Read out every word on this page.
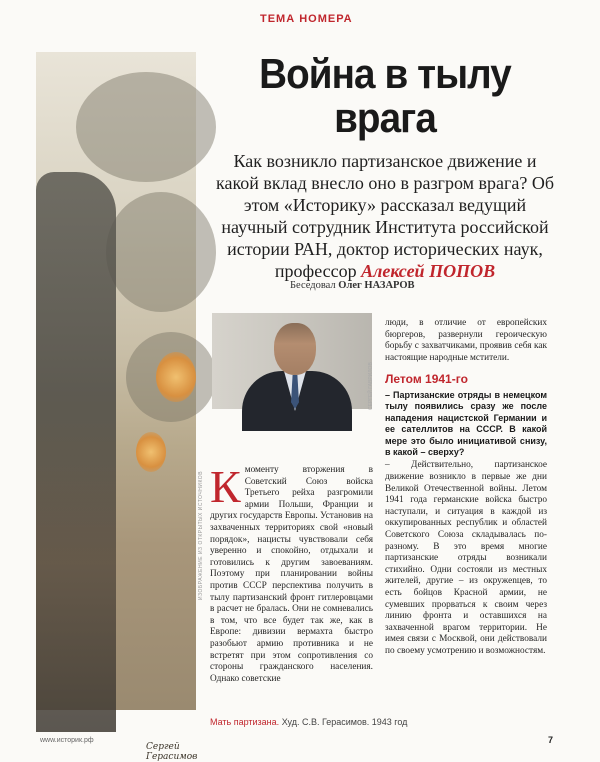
Сергей Герасимов
ИЗОБРАЖЕНИЕ ИЗ ОТКРЫТЫХ ИСТОЧНИКОВ
ТЕМА НОМЕРА
Война в тылу врага
Как возникло партизанское движение и какой вклад внесло оно в разгром врага? Об этом «Историку» рассказал ведущий научный сотрудник Института российской истории РАН, доктор исторических наук, профессор Алексей ПОПОВ
Беседовал Олег НАЗАРОВ
СЕРГЕЙ ГАВРИЛОВ
К моменту вторжения в Советский Союз войска Третьего рейха разгромили армии Польши, Франции и других государств Европы. Установив на захваченных территориях свой «новый порядок», нацисты чувствовали себя уверенно и спокойно, отдыхали и готовились к другим завоеваниям. Поэтому при планировании войны против СССР перспектива получить в тылу партизанский фронт гитлеровцами в расчет не бралась. Они не сомневались в том, что все будет так же, как в Европе: дивизии вермахта быстро разобьют армию противника и не встретят при этом сопротивления со стороны гражданского населения. Однако советские

люди, в отличие от европейских бюргеров, развернули героическую борьбу с захватчиками, проявив себя как настоящие народные мстители.

Летом 1941-го

– Партизанские отряды в немецком тылу появились сразу же после нападения нацистской Германии и ее сателлитов на СССР. В какой мере это было инициативой снизу, в какой – сверху?

– Действительно, партизанское движение возникло в первые же дни Великой Отечественной войны. Летом 1941 года германские войска быстро наступали, и ситуация в каждой из оккупированных республик и областей Советского Союза складывалась по-разному. В это время многие партизанские отряды возникали стихийно. Одни состояли из местных жителей, другие – из окружenцев, то есть бойцов Красной армии, не сумевших прорваться к своим через линию фронта и оставшихся на захваченной врагом территории. Не имея связи с Москвой, они действовали по своему усмотрению и возможностям.

Мать партизана. Худ. С.В. Герасимов. 1943 год
www.историк.рф	7
